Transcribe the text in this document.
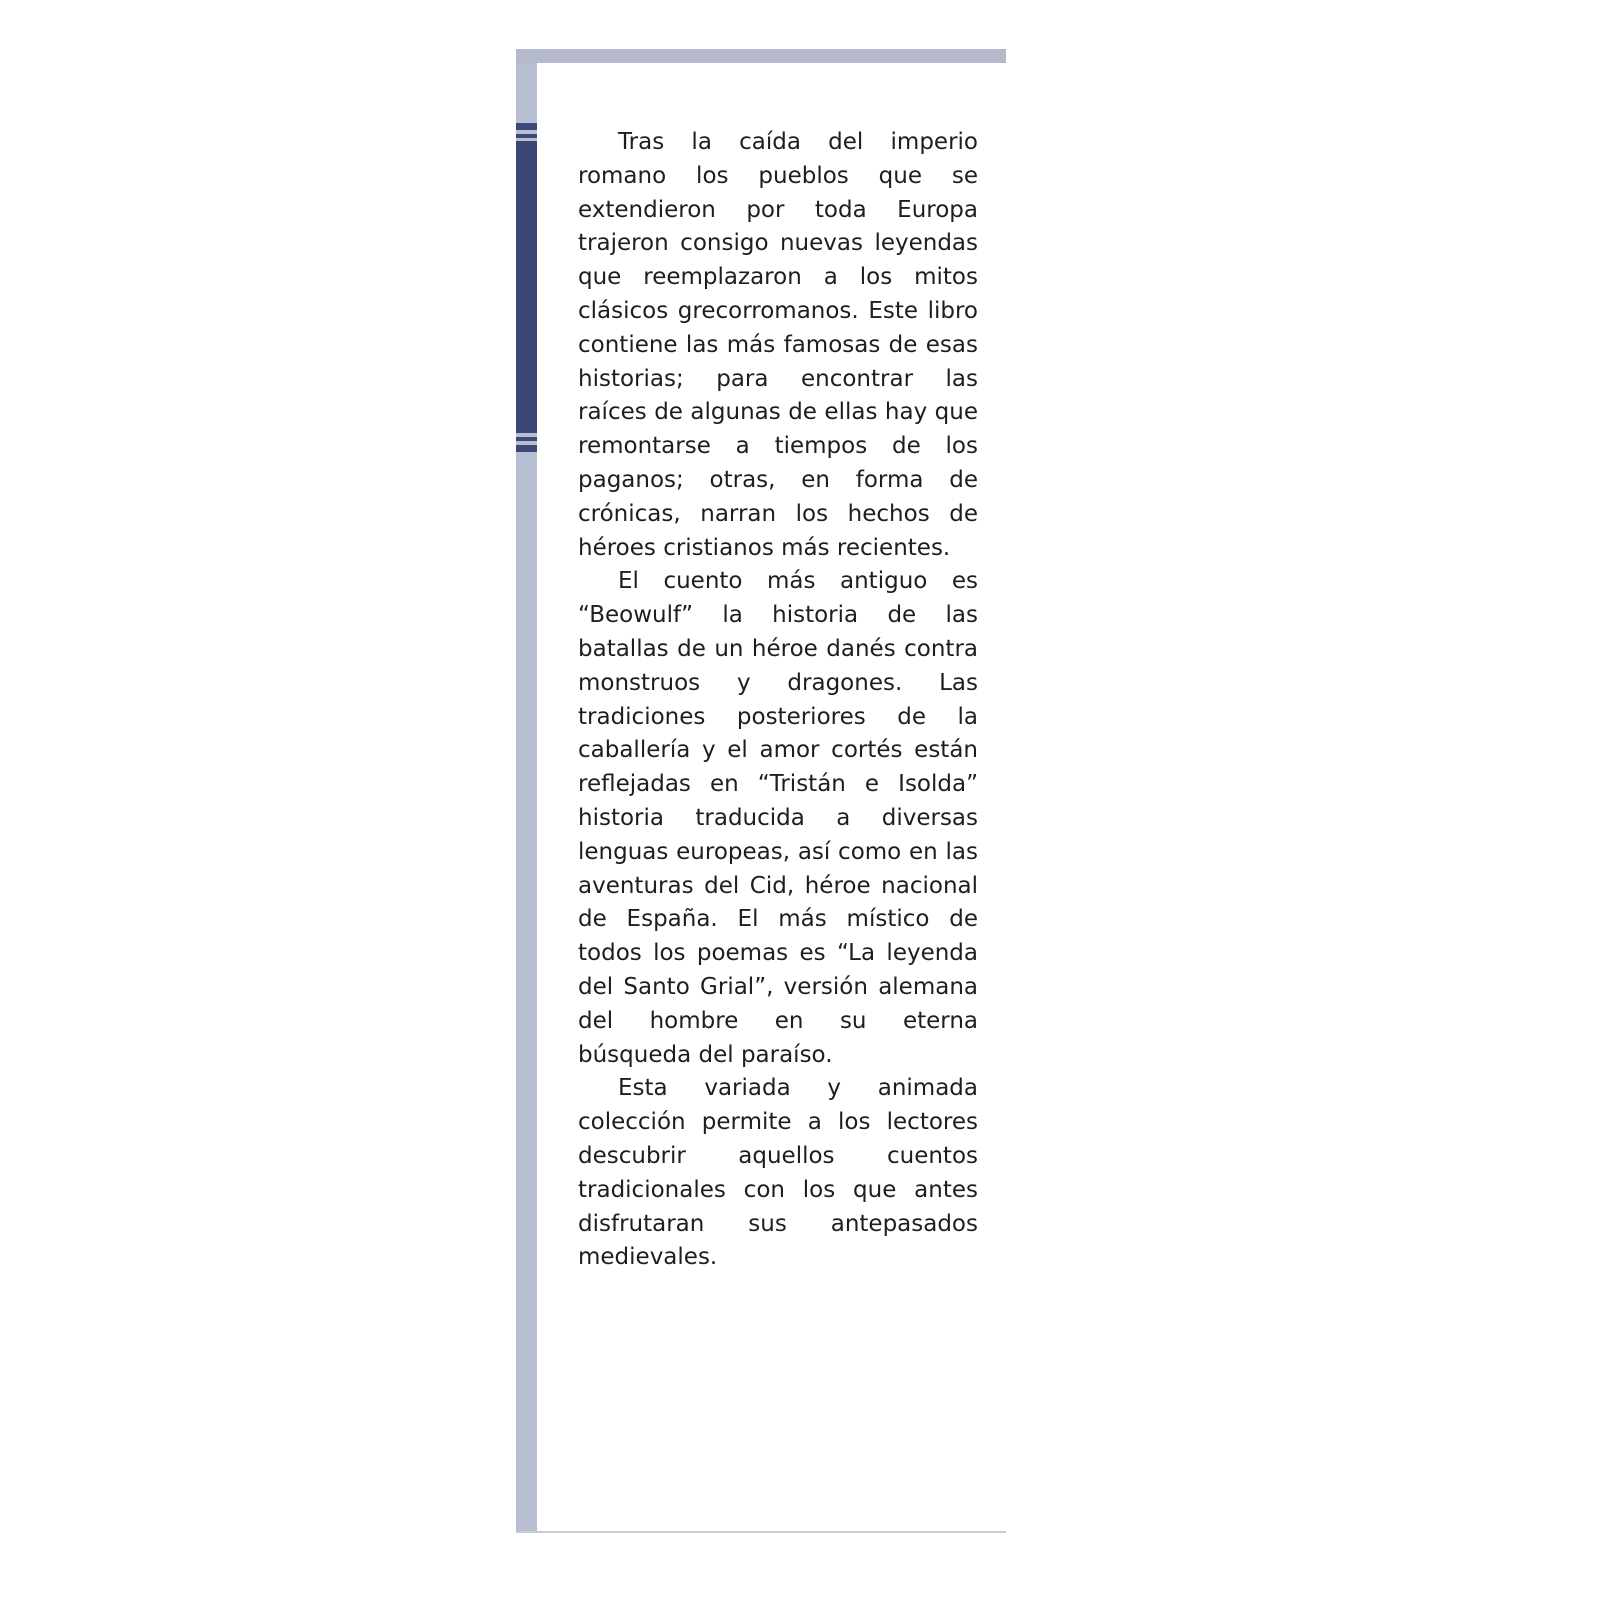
Tras la caída del imperio romano los pueblos que se extendieron por toda Europa trajeron consigo nuevas leyendas que reemplazaron a los mitos clásicos grecorromanos. Este libro contiene las más famosas de esas historias; para encontrar las raíces de algunas de ellas hay que remontarse a tiempos de los paganos; otras, en forma de crónicas, narran los hechos de héroes cristianos más recientes.

El cuento más antiguo es “Beowulf” la historia de las batallas de un héroe danés contra monstruos y dragones. Las tradiciones posteriores de la caballería y el amor cortés están reflejadas en “Tristán e Isolda” historia traducida a diversas lenguas europeas, así como en las aventuras del Cid, héroe nacional de España. El más místico de todos los poemas es “La leyenda del Santo Grial”, versión alemana del hombre en su eterna búsqueda del paraíso.

Esta variada y animada colección permite a los lectores descubrir aquellos cuentos tradicionales con los que antes disfrutaran sus antepasados medievales.
